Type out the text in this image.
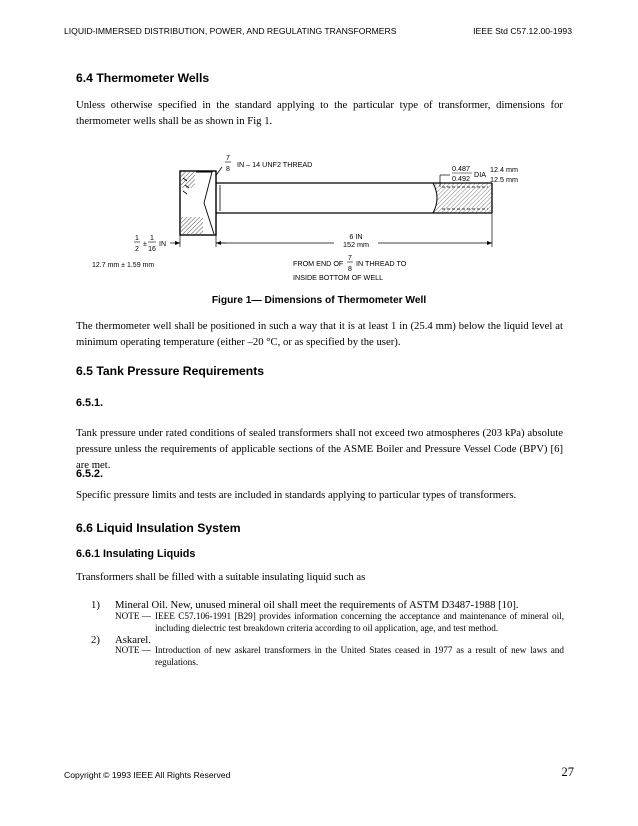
LIQUID-IMMERSED DISTRIBUTION, POWER, AND REGULATING TRANSFORMERS	IEEE Std C57.12.00-1993
6.4 Thermometer Wells
Unless otherwise specified in the standard applying to the particular type of transformer, dimensions for thermometer wells shall be as shown in Fig 1.
7
8
IN – 14 UNF2 THREAD	0.487
0.492 DIA
12.4 mm
12.5 mm
1
2
±
1
16
IN
12.7 mm ± 1.59 mm
6 IN
152 mm
FROM END OF
7
8
IN THREAD TO
INSIDE BOTTOM OF WELL
Figure 1— Dimensions of Thermometer Well
The thermometer well shall be positioned in such a way that it is at least 1 in (25.4 mm) below the liquid level at minimum operating temperature (either –20 °C, or as specified by the user).
6.5 Tank Pressure Requirements
6.5.1.
Tank pressure under rated conditions of sealed transformers shall not exceed two atmospheres (203 kPa) absolute pressure unless the requirements of applicable sections of the ASME Boiler and Pressure Vessel Code (BPV) [6] are met.
6.5.2.
Specific pressure limits and tests are included in standards applying to particular types of transformers.
6.6 Liquid Insulation System
6.6.1 Insulating Liquids
Transformers shall be filled with a suitable insulating liquid such as
1) Mineral Oil. New, unused mineral oil shall meet the requirements of ASTM D3487-1988 [10].
NOTE — IEEE C57.106-1991 [B29] provides information concerning the acceptance and maintenance of mineral oil, including dielectric test breakdown criteria according to oil application, age, and test method.
2) Askarel.
NOTE — Introduction of new askarel transformers in the United States ceased in 1977 as a result of new laws and regulations.
Copyright © 1993 IEEE All Rights Reserved	27
